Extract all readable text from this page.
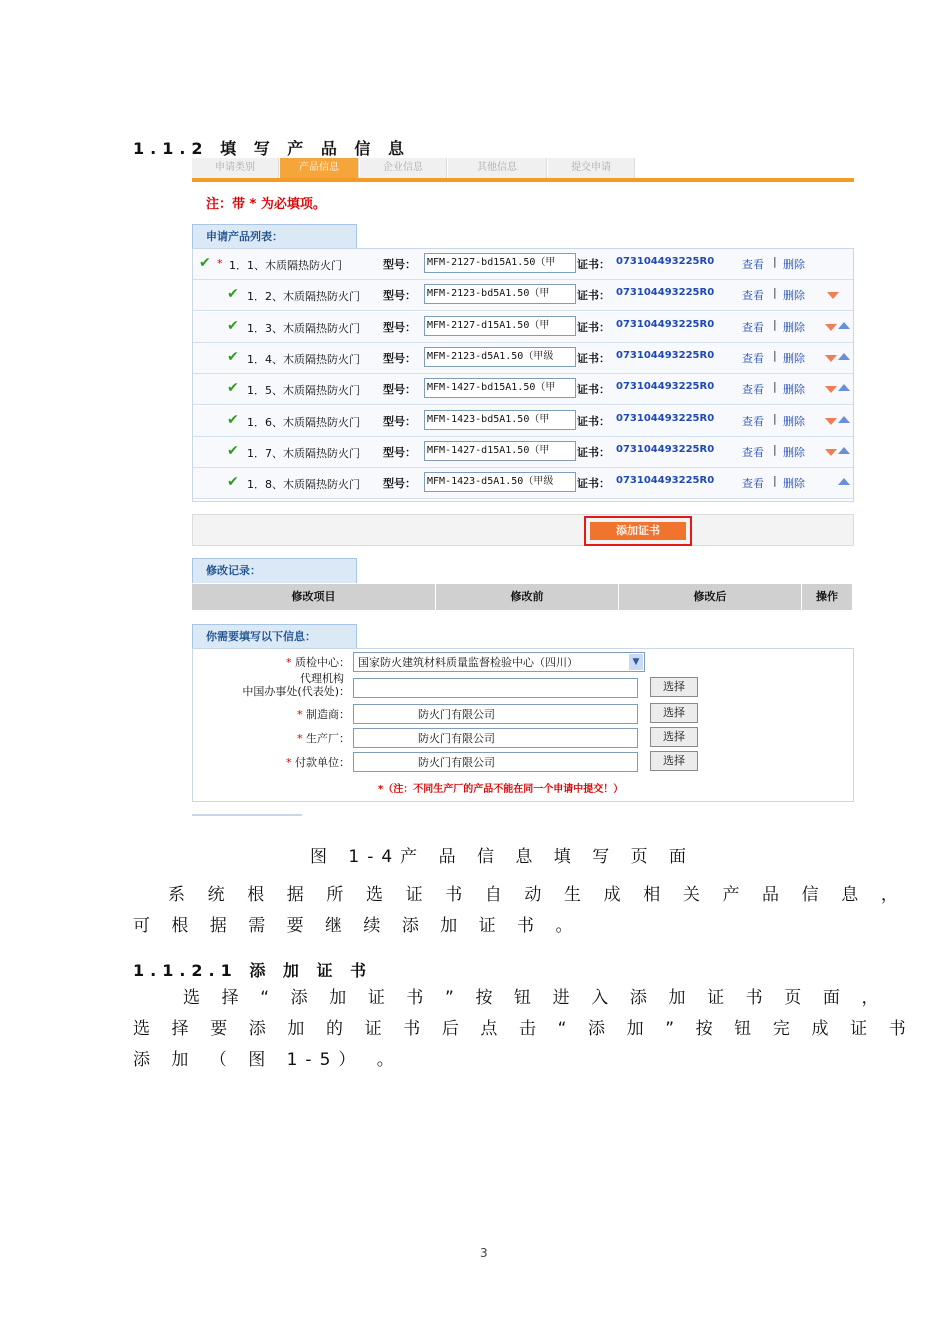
1.1.2 填 写 产 品 信 息
申请类别	产品信息	企业信息	其他信息	提交申请
注：带 * 为必填项。
申请产品列表：
✔ * 1．1、木质隔热防火门	型号：	MFM-2127-bd15A1.50（甲	证书： 073104493225R0	查看 | 删除
✔ 1．2、木质隔热防火门 型号：	MFM-2123-bd5A1.50（甲	证书： 073104493225R0	查看 | 删除
✔ 1．3、木质隔热防火门 型号：	MFM-2127-d15A1.50（甲	证书： 073104493225R0	查看 | 删除
✔ 1．4、木质隔热防火门 型号：	MFM-2123-d5A1.50（甲级	证书： 073104493225R0	查看 | 删除
✔ 1．5、木质隔热防火门 型号：	MFM-1427-bd15A1.50（甲	证书： 073104493225R0	查看 | 删除
✔ 1．6、木质隔热防火门 型号：	MFM-1423-bd5A1.50（甲	证书： 073104493225R0	查看 | 删除
✔ 1．7、木质隔热防火门 型号：	MFM-1427-d15A1.50（甲	证书： 073104493225R0	查看 | 删除
✔ 1．8、木质隔热防火门 型号：	MFM-1423-d5A1.50（甲级	证书： 073104493225R0	查看 | 删除
添加证书
修改记录：
修改项目	修改前	修改后	操作
你需要填写以下信息：
* 质检中心： 国家防火建筑材料质量监督检验中心（四川）	▼
代理机构
中国办事处(代表处)：	选择
* 制造商：	防火门有限公司	选择
* 生产厂：	防火门有限公司	选择
* 付款单位：	防火门有限公司	选择
*（注：不同生产厂的产品不能在同一个申请中提交！）
图 1-4产 品 信 息 填 写 页 面
系 统 根 据 所 选 证 书 自 动 生 成 相 关 产 品 信 息 ，
可 根 据 需 要 继 续 添 加 证 书 。
1.1.2.1 添 加 证 书
选 择 “ 添 加 证 书 ” 按 钮 进 入 添 加 证 书 页 面 ，
选 择 要 添 加 的 证 书 后 点 击 “ 添 加 ” 按 钮 完 成 证 书
添 加 （ 图 1-5） 。
3
